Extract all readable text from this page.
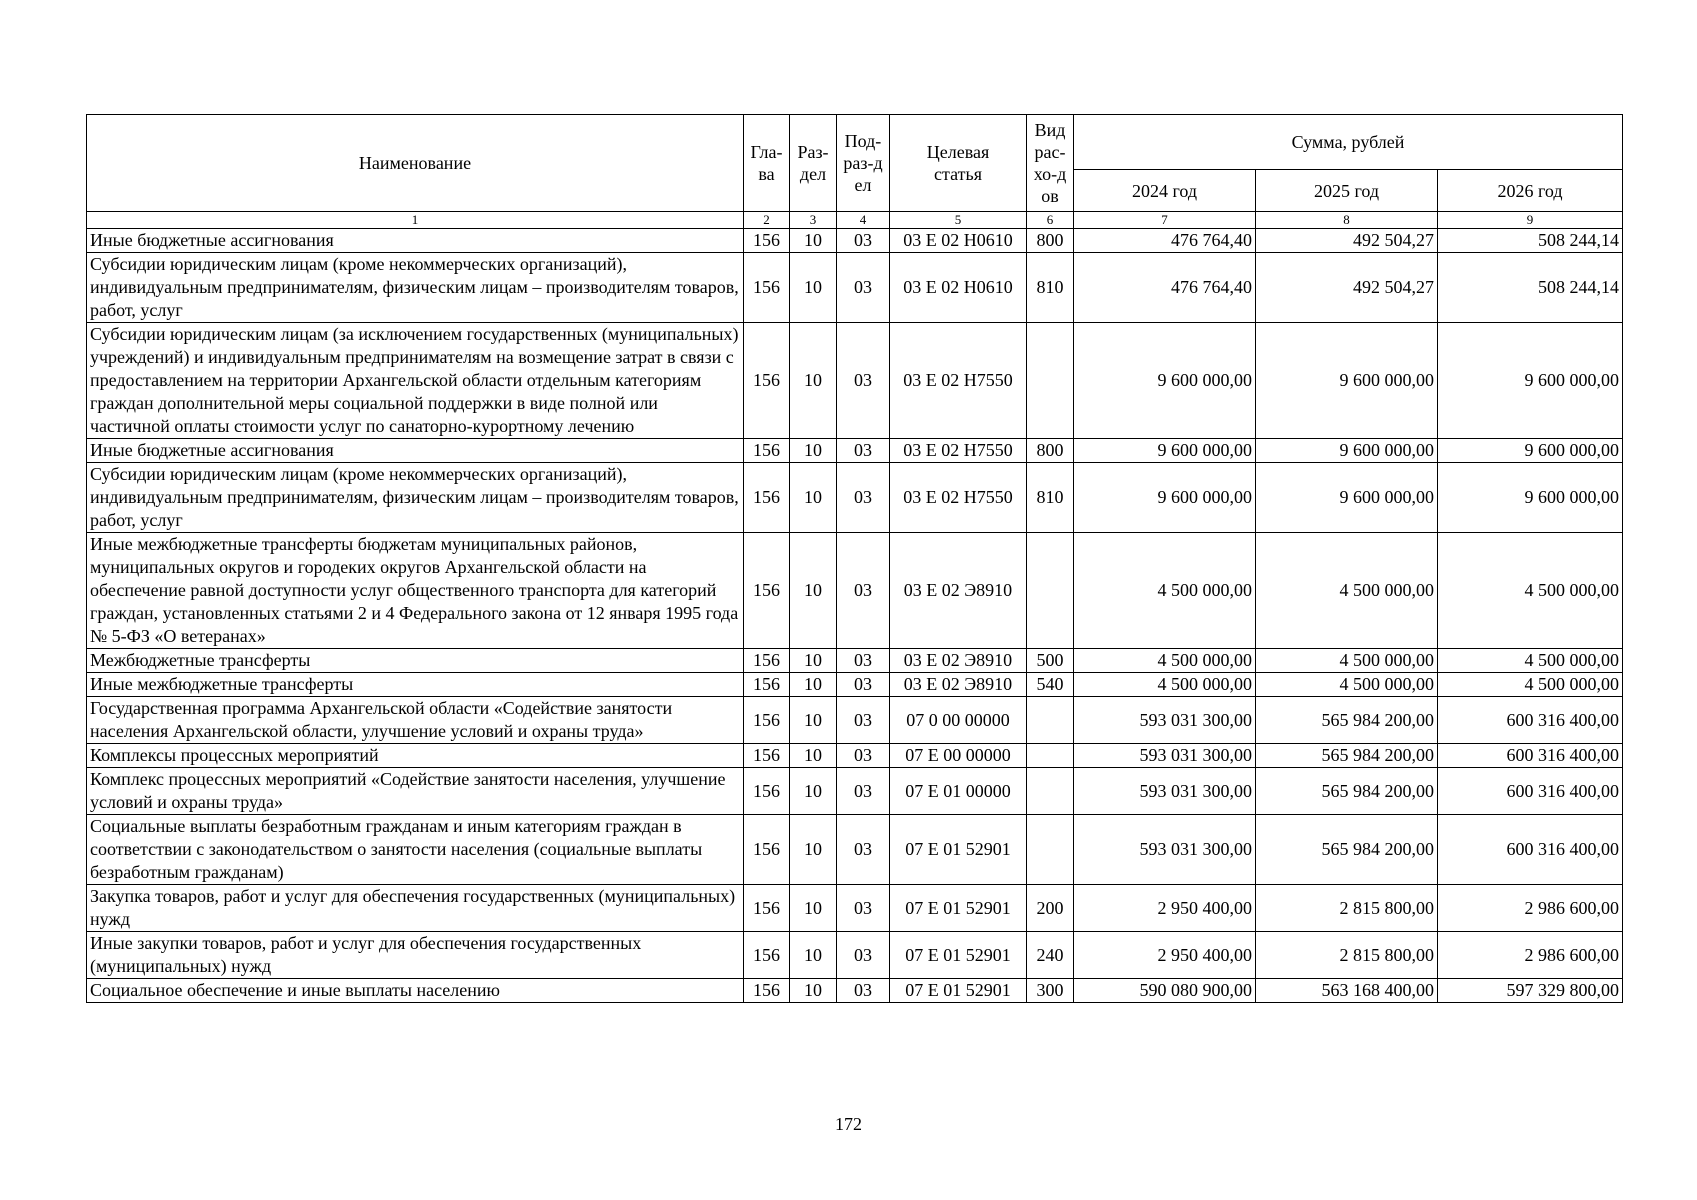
Наименование	Гла-ва	Раз-дел	Под-раз-дел	Целевая статья	Вид рас-хо-дов	Сумма, рублей		
						2024 год	2025 год	2026 год
1	2	3	4	5	6	7	8	9
Иные бюджетные ассигнования	156	10	03	03 Е 02 Н0610	800	476 764,40	492 504,27	508 244,14
Субсидии юридическим лицам (кроме некоммерческих организаций), индивидуальным предпринимателям, физическим лицам – производителям товаров, работ, услуг	156	10	03	03 Е 02 Н0610	810	476 764,40	492 504,27	508 244,14
Субсидии юридическим лицам (за исключением государственных (муниципальных) учреждений) и индивидуальным предпринимателям на возмещение затрат в связи с предоставлением на территории Архангельской области отдельным категориям граждан дополнительной меры социальной поддержки в виде полной или частичной оплаты стоимости услуг по санаторно-курортному лечению	156	10	03	03 Е 02 Н7550		9 600 000,00	9 600 000,00	9 600 000,00
Иные бюджетные ассигнования	156	10	03	03 Е 02 Н7550	800	9 600 000,00	9 600 000,00	9 600 000,00
Субсидии юридическим лицам (кроме некоммерческих организаций), индивидуальным предпринимателям, физическим лицам – производителям товаров, работ, услуг	156	10	03	03 Е 02 Н7550	810	9 600 000,00	9 600 000,00	9 600 000,00
Иные межбюджетные трансферты бюджетам муниципальных районов, муниципальных округов и городеких округов Архангельской области на обеспечение равной доступности услуг общественного транспорта для категорий граждан, установленных статьями 2 и 4 Федерального закона от 12 января 1995 года № 5-ФЗ «О ветеранах»	156	10	03	03 Е 02 Э8910		4 500 000,00	4 500 000,00	4 500 000,00
Межбюджетные трансферты	156	10	03	03 Е 02 Э8910	500	4 500 000,00	4 500 000,00	4 500 000,00
Иные межбюджетные трансферты	156	10	03	03 Е 02 Э8910	540	4 500 000,00	4 500 000,00	4 500 000,00
Государственная программа Архангельской области «Содействие занятости населения Архангельской области, улучшение условий и охраны труда»	156	10	03	07 0 00 00000		593 031 300,00	565 984 200,00	600 316 400,00
Комплексы процессных мероприятий	156	10	03	07 Е 00 00000		593 031 300,00	565 984 200,00	600 316 400,00
Комплекс процессных мероприятий «Содействие занятости населения, улучшение условий и охраны труда»	156	10	03	07 Е 01 00000		593 031 300,00	565 984 200,00	600 316 400,00
Социальные выплаты безработным гражданам и иным категориям граждан в соответствии с законодательством о занятости населения (социальные выплаты безработным гражданам)	156	10	03	07 Е 01 52901		593 031 300,00	565 984 200,00	600 316 400,00
Закупка товаров, работ и услуг для обеспечения государственных (муниципальных) нужд	156	10	03	07 Е 01 52901	200	2 950 400,00	2 815 800,00	2 986 600,00
Иные закупки товаров, работ и услуг для обеспечения государственных (муниципальных) нужд	156	10	03	07 Е 01 52901	240	2 950 400,00	2 815 800,00	2 986 600,00
Социальное обеспечение и иные выплаты населению	156	10	03	07 Е 01 52901	300	590 080 900,00	563 168 400,00	597 329 800,00
172
